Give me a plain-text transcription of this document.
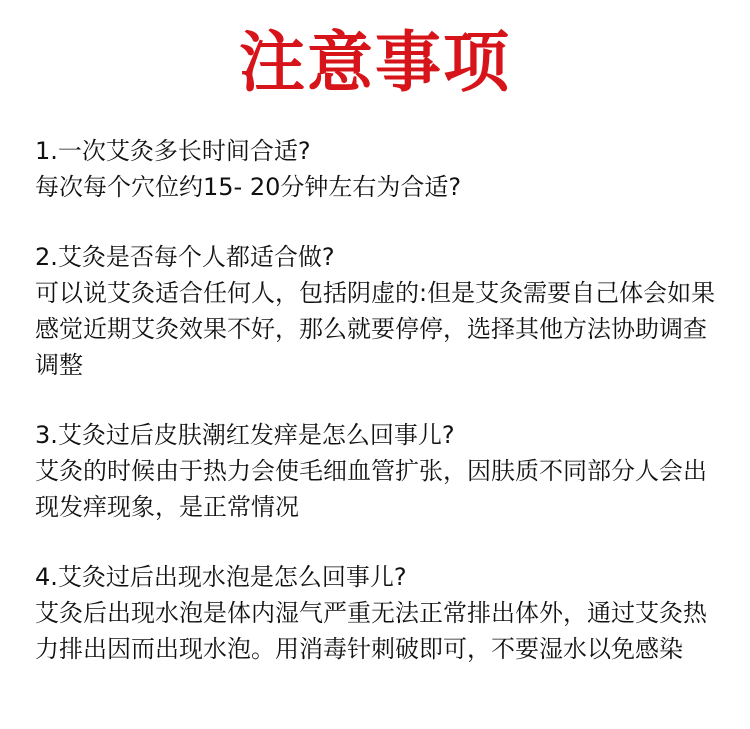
注意事项
1.一次艾灸多长时间合适?
每次每个穴位约15- 20分钟左右为合适?
2.艾灸是否每个人都适合做?
可以说艾灸适合任何人，包括阴虚的:但是艾灸需要自己体会如果感觉近期艾灸效果不好，那么就要停停，选择其他方法协助调查调整
3.艾灸过后皮肤潮红发痒是怎么回事儿?
艾灸的时候由于热力会使毛细血管扩张，因肤质不同部分人会出现发痒现象，是正常情况
4.艾灸过后出现水泡是怎么回事儿?
艾灸后出现水泡是体内湿气严重无法正常排出体外，通过艾灸热力排出因而出现水泡。用消毒针刺破即可，不要湿水以免感染
